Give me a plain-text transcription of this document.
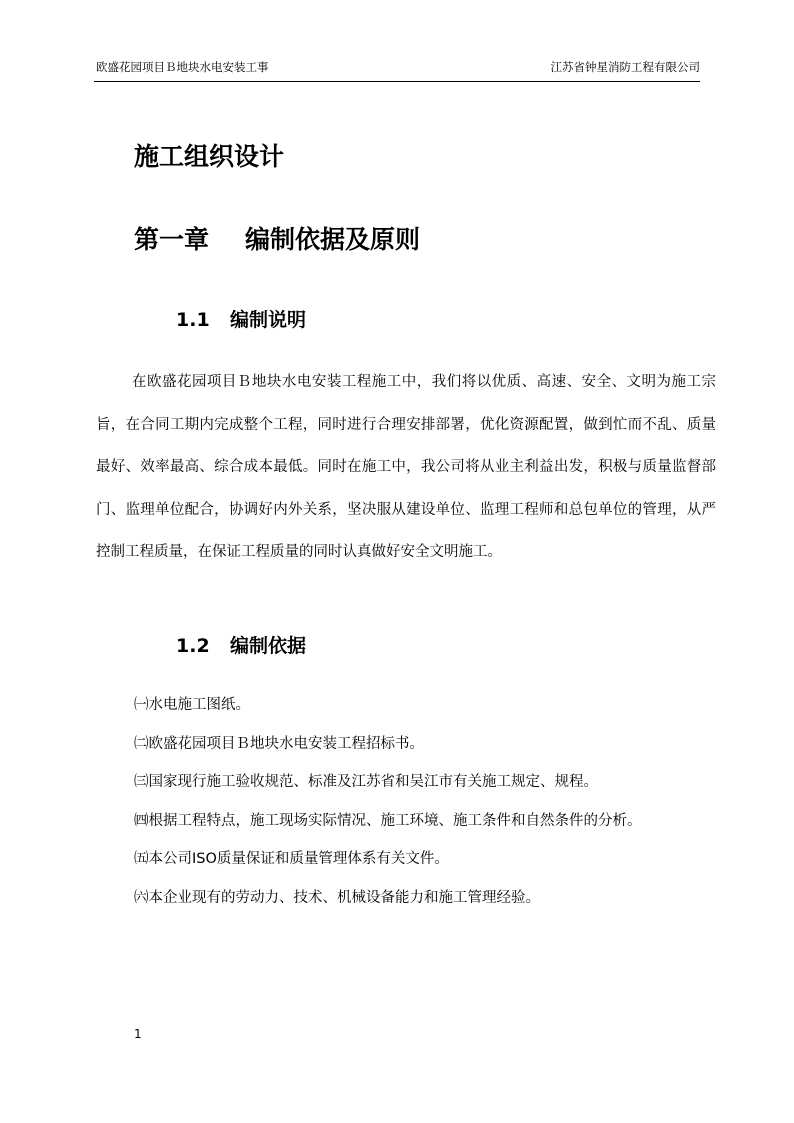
欧盛花园项目Ｂ地块水电安装工事	江苏省钟星消防工程有限公司
施工组织设计
第一章 编制依据及原则
1.1 编制说明

在欧盛花园项目Ｂ地块水电安装工程施工中，我们将以优质、高速、安全、文明为施工宗旨，在合同工期内完成整个工程，同时进行合理安排部署，优化资源配置，做到忙而不乱、质量最好、效率最高、综合成本最低。同时在施工中，我公司将从业主利益出发，积极与质量监督部门、监理单位配合，协调好内外关系，坚决服从建设单位、监理工程师和总包单位的管理，从严控制工程质量，在保证工程质量的同时认真做好安全文明施工。

1.2 编制依据
㈠水电施工图纸。
㈡欧盛花园项目Ｂ地块水电安装工程招标书。
㈢国家现行施工验收规范、标准及江苏省和吴江市有关施工规定、规程。
㈣根据工程特点，施工现场实际情况、施工环境、施工条件和自然条件的分析。
㈤本公司ISO质量保证和质量管理体系有关文件。
㈥本企业现有的劳动力、技术、机械设备能力和施工管理经验。
1
